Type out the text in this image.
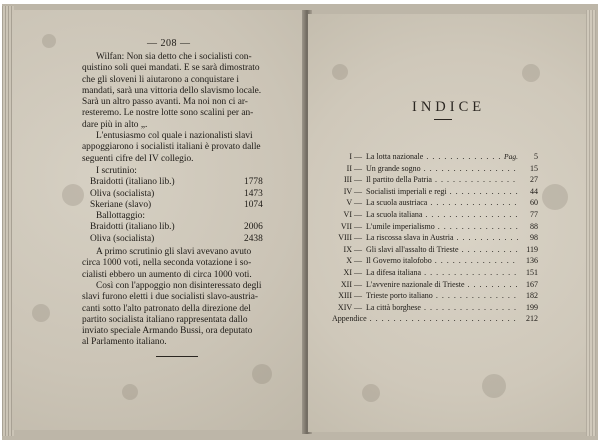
— 208 —

Wilfan: Non sia detto che i socialisti con-

quistino soli quei mandati. E se sarà dimostrato

che gli sloveni li aiutarono a conquistare i

mandati, sarà una vittoria dello slavismo locale.

Sarà un altro passo avanti. Ma noi non ci ar-

resteremo. Le nostre lotte sono scalini per an-

dare più in alto „.

L'entusiasmo col quale i nazionalisti slavi

appoggiarono i socialisti italiani è provato dalle

seguenti cifre del IV collegio.

I scrutinio:

Braidotti (italiano lib.)	1778
Oliva (socialista)	1473
Skeriane (slavo)	1074

Ballottaggio:

Braidotti (italiano lib.)	2006
Oliva (socialista)	2438

A primo scrutinio gli slavi avevano avuto

circa 1000 voti, nella seconda votazione i so-

cialisti ebbero un aumento di circa 1000 voti.

Così con l'appoggio non disinteressato degli

slavi furono eletti i due socialisti slavo-austria-

canti sotto l'alto patronato della direzione del

partito socialista italiano rappresentata dallo

inviato speciale Armando Bussi, ora deputato

al Parlamento italiano.

INDICE
I — La lotta nazionale . . .	Pag.	5
II — Un grande sogno . . .	15
III — Il partito della Patria . . .	27
IV — Socialisti imperiali e regi . . .	44
V — La scuola austriaca . . .	60
VI — La scuola italiana . . .	77
VII — L'umile imperialismo . . .	88
VIII — La riscossa slava in Austria . . .	98
IX — Gli slavi all'assalto di Trieste . . .	119
X — Il Governo italofobo . . .	136
XI — La difesa italiana . . .	151
XII — L'avvenire nazionale di Trieste . . .	167
XIII — Trieste porto italiano . . .	182
XIV — La città borghese . . .	199
Appendice . . .	212
